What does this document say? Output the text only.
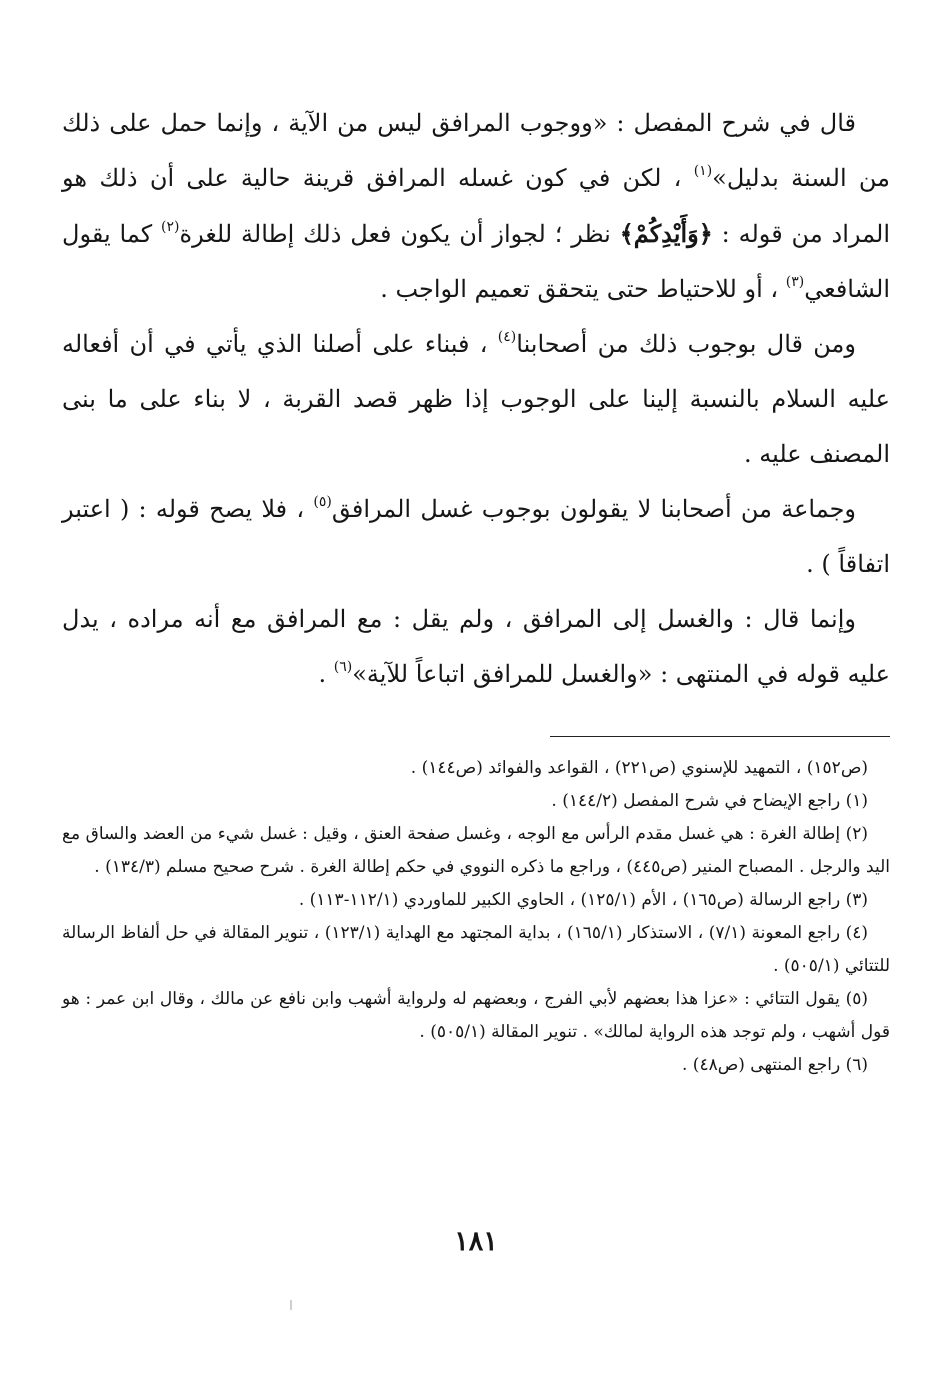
قال في شرح المفصل : «ووجوب المرافق ليس من الآية ، وإنما حمل على ذلك من السنة بدليل»$^{(١)}$ ، لكن في كون غسله المرافق قرينة حالية على أن ذلك هو المراد من قوله : ﴿وَأَيْدِكُمْ﴾ نظر ؛ لجواز أن يكون فعل ذلك إطالة للغرة$^{(٢)}$ كما يقول الشافعي$^{(٣)}$ ، أو للاحتياط حتى يتحقق تعميم الواجب .

ومن قال بوجوب ذلك من أصحابنا$^{(٤)}$ ، فبناء على أصلنا الذي يأتي في أن أفعاله عليه السلام بالنسبة إلينا على الوجوب إذا ظهر قصد القربة ، لا بناء على ما بنى المصنف عليه .

وجماعة من أصحابنا لا يقولون بوجوب غسل المرافق$^{(٥)}$ ، فلا يصح قوله : ( اعتبر اتفاقاً ) .

وإنما قال : والغسل إلى المرافق ، ولم يقل : مع المرافق مع أنه مراده ، يدل عليه قوله في المنتهى : «والغسل للمرافق اتباعاً للآية»$^{(٦)}$ .

(ص١٥٢) ، التمهيد للإسنوي (ص٢٢١) ، القواعد والفوائد (ص١٤٤) .

(١) راجع الإيضاح في شرح المفصل (١٤٤/٢) .

(٢) إطالة الغرة : هي غسل مقدم الرأس مع الوجه ، وغسل صفحة العنق ، وقيل : غسل شيء من العضد والساق مع اليد والرجل . المصباح المنير (ص٤٤٥) ، وراجع ما ذكره النووي في حكم إطالة الغرة . شرح صحيح مسلم (١٣٤/٣) .

(٣) راجع الرسالة (ص١٦٥) ، الأم (١٢٥/١) ، الحاوي الكبير للماوردي (١١٢/١-١١٣) .

(٤) راجع المعونة (٧/١) ، الاستذكار (١٦٥/١) ، بداية المجتهد مع الهداية (١٢٣/١) ، تنوير المقالة في حل ألفاظ الرسالة للتتائي (٥٠٥/١) .

(٥) يقول التتائي : «عزا هذا بعضهم لأبي الفرج ، وبعضهم له ولرواية أشهب وابن نافع عن مالك ، وقال ابن عمر : هو قول أشهب ، ولم توجد هذه الرواية لمالك» . تنوير المقالة (٥٠٥/١) .

(٦) راجع المنتهى (ص٤٨) .

١٨١
